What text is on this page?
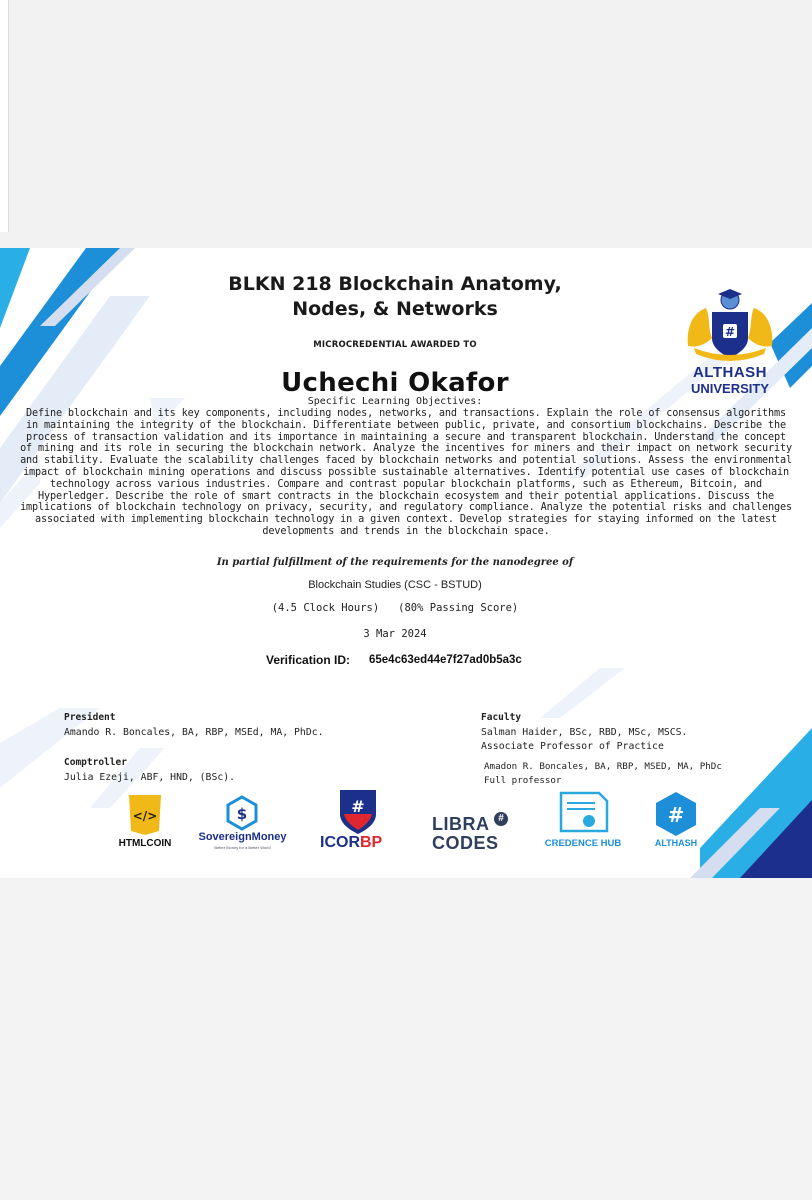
BLKN 218 Blockchain Anatomy,
Nodes, & Networks
MICROCREDENTIAL AWARDED TO
Uchechi Okafor
Specific Learning Objectives:
Define blockchain and its key components, including nodes, networks, and transactions. Explain the role of consensus algorithms in maintaining the integrity of the blockchain. Differentiate between public, private, and consortium blockchains. Describe the process of transaction validation and its importance in maintaining a secure and transparent blockchain. Understand the concept of mining and its role in securing the blockchain network. Analyze the incentives for miners and their impact on network security and stability. Evaluate the scalability challenges faced by blockchain networks and potential solutions. Assess the environmental impact of blockchain mining operations and discuss possible sustainable alternatives. Identify potential use cases of blockchain technology across various industries. Compare and contrast popular blockchain platforms, such as Ethereum, Bitcoin, and Hyperledger. Describe the role of smart contracts in the blockchain ecosystem and their potential applications. Discuss the implications of blockchain technology on privacy, security, and regulatory compliance. Analyze the potential risks and challenges associated with implementing blockchain technology in a given context. Develop strategies for staying informed on the latest developments and trends in the blockchain space.
In partial fulfillment of the requirements for the nanodegree of
Blockchain Studies (CSC - BSTUD)
(4.5 Clock Hours)   (80% Passing Score)
3 Mar 2024
Verification ID: 65e4c63ed44e7f27ad0b5a3c
#
ALTHASH
UNIVERSITY
President
Amando R. Boncales, BA, RBP, MSEd, MA, PhDc.
Comptroller
Julia Ezeji, ABF, HND, (BSc).
Faculty
Salman Haider, BSc, RBD, MSc, MSCS.
Associate Professor of Practice
Amadon R. Boncales, BA, RBP, MSED, MA, PhDc
Full professor
</>
HTMLCOIN
$
SovereignMoney
Better Money for a Better World
#
ICORBP
LIBRA #
CODES	CREDENCE HUB
#
ALTHASH
